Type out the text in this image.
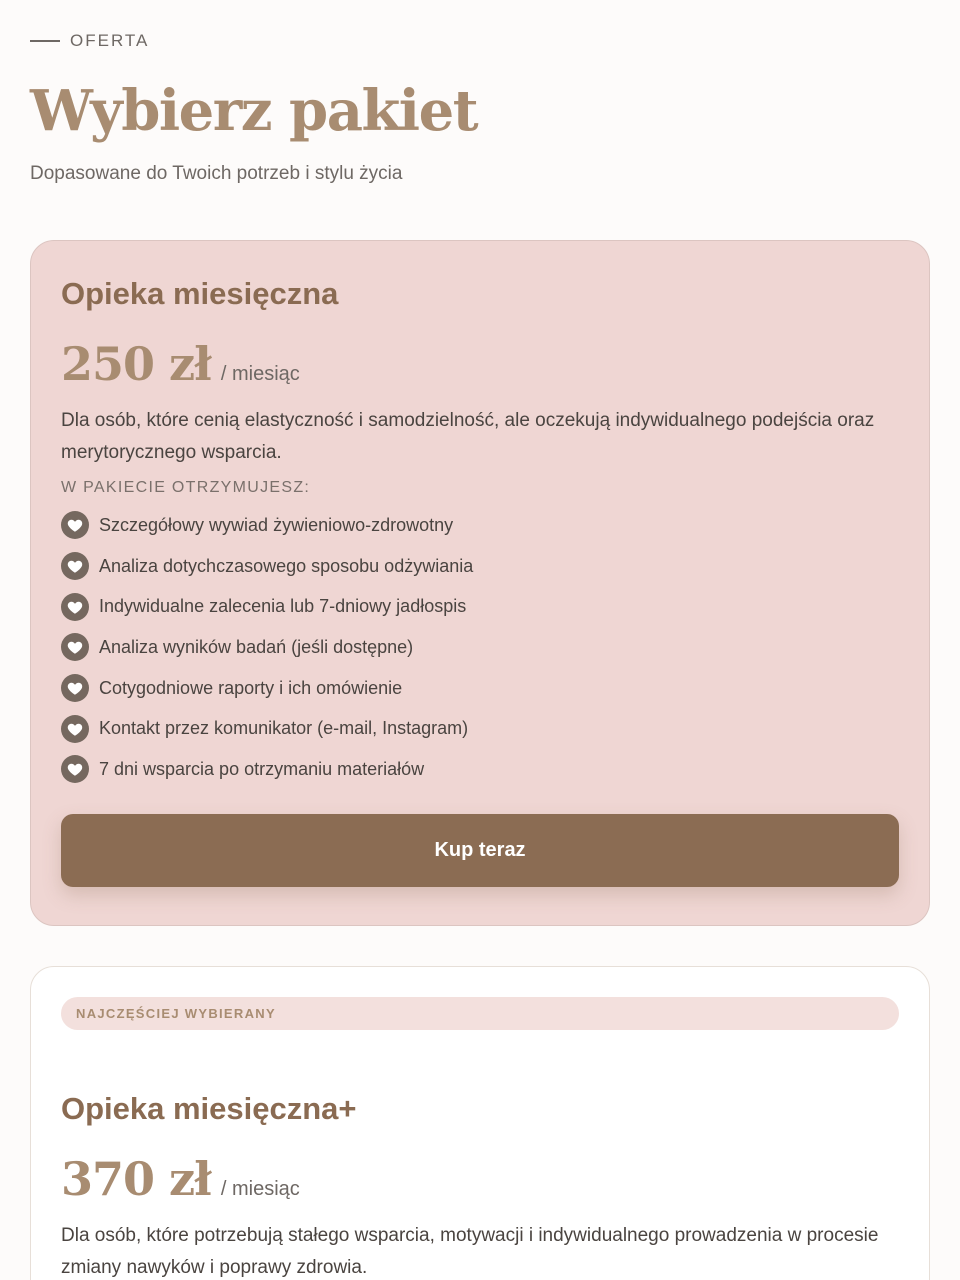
OFERTA
Wybierz pakiet

Dopasowane do Twoich potrzeb i stylu życia

Opieka miesięczna
250 zł / miesiąc

Dla osób, które cenią elastyczność i samodzielność, ale oczekują indywidualnego podejścia oraz merytorycznego wsparcia.

W PAKIECIE OTRZYMUJESZ:
Szczegółowy wywiad żywieniowo-zdrowotny
Analiza dotychczasowego sposobu odżywiania
Indywidualne zalecenia lub 7-dniowy jadłospis
Analiza wyników badań (jeśli dostępne)
Cotygodniowe raporty i ich omówienie
Kontakt przez komunikator (e-mail, Instagram)
7 dni wsparcia po otrzymaniu materiałów
Kup teraz
NAJCZĘŚCIEJ WYBIERANY
Opieka miesięczna+
370 zł / miesiąc

Dla osób, które potrzebują stałego wsparcia, motywacji i indywidualnego prowadzenia w procesie zmiany nawyków i poprawy zdrowia.
